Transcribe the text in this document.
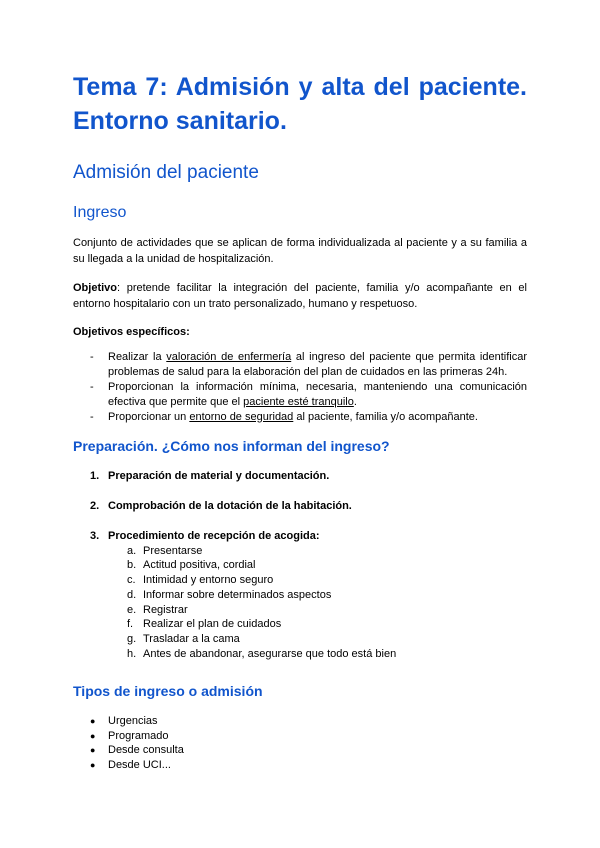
Tema 7: Admisión y alta del paciente. Entorno sanitario.
Admisión del paciente
Ingreso

Conjunto de actividades que se aplican de forma individualizada al paciente y a su familia a su llegada a la unidad de hospitalización.

Objetivo: pretende facilitar la integración del paciente, familia y/o acompañante en el entorno hospitalario con un trato personalizado, humano y respetuoso.

Objetivos específicos:

- Realizar la valoración de enfermería al ingreso del paciente que permita identificar problemas de salud para la elaboración del plan de cuidados en las primeras 24h.
- Proporcionan la información mínima, necesaria, manteniendo una comunicación efectiva que permite que el paciente esté tranquilo.
- Proporcionar un entorno de seguridad al paciente, familia y/o acompañante.
Preparación. ¿Cómo nos informan del ingreso?
1. Preparación de material y documentación.
2. Comprobación de la dotación de la habitación.
3. Procedimiento de recepción de acogida:
a. Presentarse
b. Actitud positiva, cordial
c. Intimidad y entorno seguro
d. Informar sobre determinados aspectos
e. Registrar
f. Realizar el plan de cuidados
g. Trasladar a la cama
h. Antes de abandonar, asegurarse que todo está bien
Tipos de ingreso o admisión
● Urgencias
● Programado
● Desde consulta
● Desde UCI...
